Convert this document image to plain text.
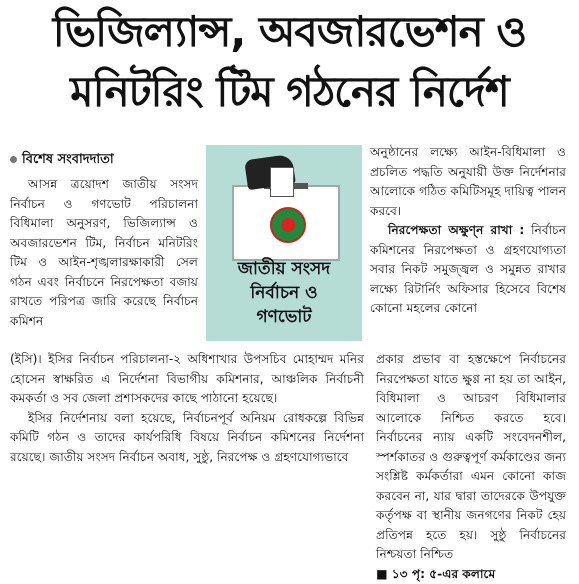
ভিজিল্যান্স, অবজারভেশন ও
মনিটরিং টিম গঠনের নির্দেশ
বিশেষ সংবাদদাতা

আসন্ন ত্রয়োদশ জাতীয় সংসদ নির্বাচন ও গণভোট পরিচালনা বিধিমালা অনুসরণ, ভিজিল্যান্স ও অবজারভেশন টিম, নির্বাচন মনিটরিং টিম ও আইন-শৃঙ্খলারক্ষাকারী সেল গঠন এবং নির্বাচনে নিরপেক্ষতা বজায় রাখতে পরিপত্র জারি করেছে নির্বাচন কমিশন

জাতীয় সংসদ
নির্বাচন ও
গণভোট

অনুষ্ঠানের লক্ষ্যে আইন-বিধিমালা ও প্রচলিত পদ্ধতি অনুযায়ী উক্ত নির্দেশনার আলোকে গঠিত কমিটিসমূহ দায়িত্ব পালন করবে।

নিরপেক্ষতা অক্ষুণ্ন রাখা : নির্বাচন কমিশনের নিরপেক্ষতা ও গ্রহণযোগ্যতা সবার নিকট সমুজ্জ্বল ও সমুন্নত রাখার লক্ষ্যে রিটার্নিং অফিসার হিসেবে বিশেষ কোনো মহলের কোনো

(ইসি)। ইসির নির্বাচন পরিচালনা-২ অধিশাখার উপসচিব মোহাম্মদ মনির হোসেন স্বাক্ষরিত এ নির্দেশনা বিভাগীয় কমিশনার, আঞ্চলিক নির্বাচনী কমকর্তা ও সব জেলা প্রশাসকদের কাছে পাঠানো হয়েছে।

ইসির নির্দেশনায় বলা হয়েছে, নির্বাচনপূর্ব অনিয়ম রোধকল্পে বিভিন্ন কমিটি গঠন ও তাদের কার্যপরিধি বিষয়ে নির্বাচন কমিশনের নির্দেশনা রয়েছে। জাতীয় সংসদ নির্বাচন অবাধ, সুষ্ঠু, নিরপেক্ষ ও গ্রহণযোগ্যভাবে

প্রকার প্রভাব বা হস্তক্ষেপে নির্বাচনের নিরপেক্ষতা যাতে ক্ষুণ্ণ না হয় তা আইন, বিধিমালা ও আচরণ বিধিমালার আলোকে নিশ্চিত করতে হবে। নির্বাচনের ন্যায় একটি সংবেদনশীল, স্পর্শকাতর ও গুরুত্বপূর্ণ কর্মকাণ্ডের জন্য সংশ্লিষ্ট কর্মকর্তারা এমন কোনো কাজ করবেন না, যার দ্বারা তাদেরকে উপযুক্ত কর্তৃপক্ষ বা স্থানীয় জনগণের নিকট হেয় প্রতিপন্ন হতে হয়। সুষ্ঠু নির্বাচনের নিশ্চয়তা নিশ্চিত

■ ১৩ পৃ: ৫-এর কলামে
